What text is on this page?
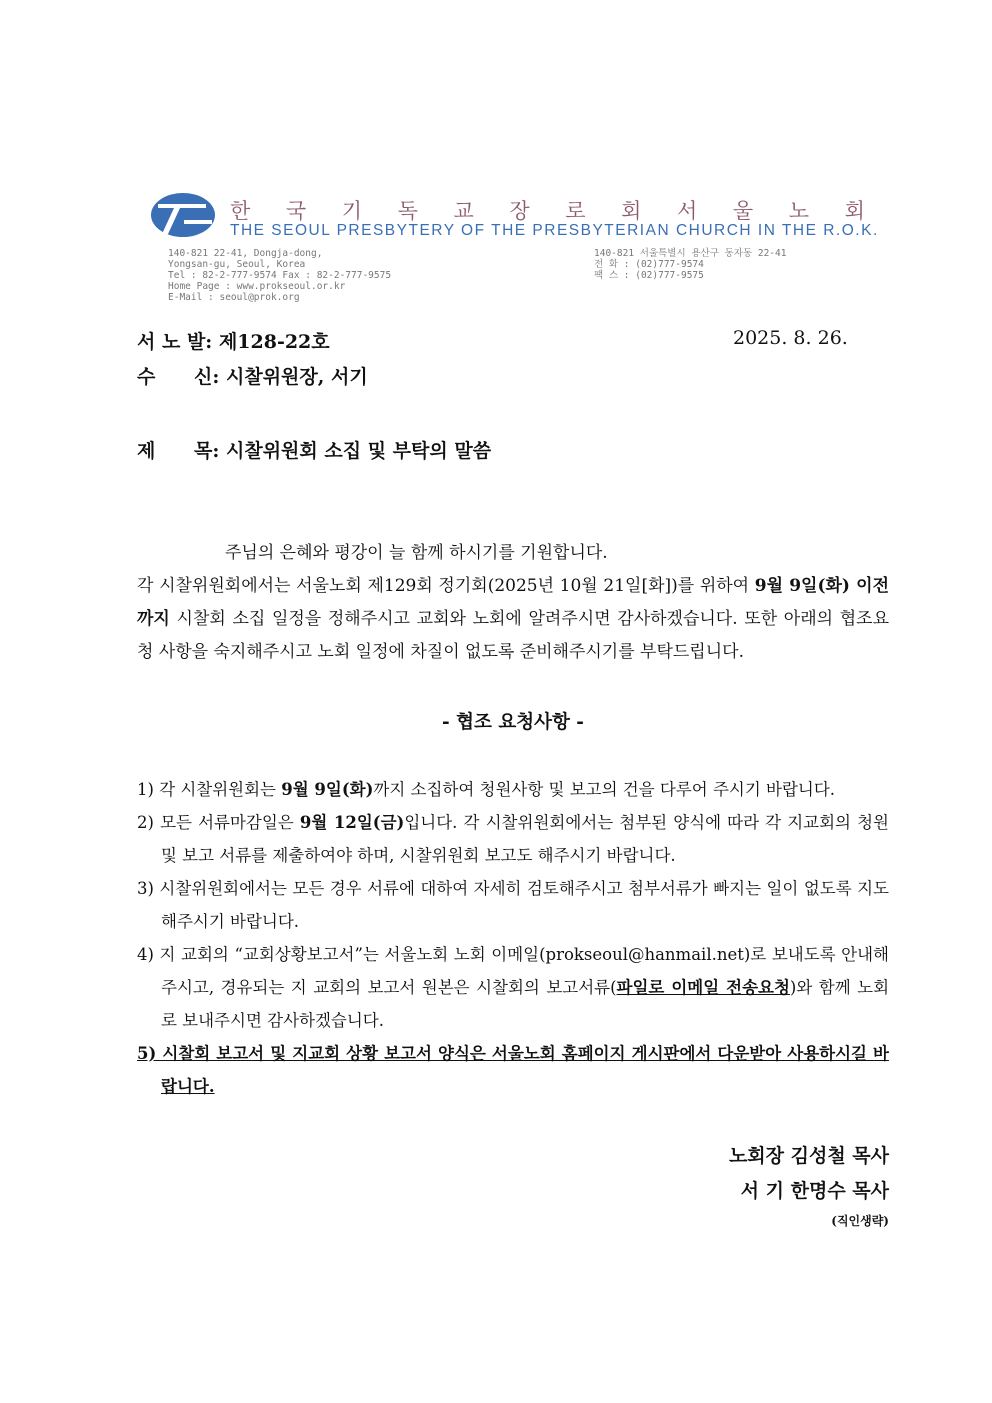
한 국 기 독 교 장 로 회 서 울 노 회
THE SEOUL PRESBYTERY OF THE PRESBYTERIAN CHURCH IN THE R.O.K.
140-821 22-41, Dongja-dong,
Yongsan-gu, Seoul, Korea
Tel : 82-2-777-9574 Fax : 82-2-777-9575
Home Page : www.prokseoul.or.kr
E-Mail : seoul@prok.org
140-821 서울특별시 용산구 동자동 22-41
전 화 : (02)777-9574
팩 스 : (02)777-9575
서 노 발: 제128-22호	2025. 8. 26.
수 신: 시찰위원장, 서기
제 목: 시찰위원회 소집 및 부탁의 말씀
주님의 은혜와 평강이 늘 함께 하시기를 기원합니다.
각 시찰위원회에서는 서울노회 제129회 정기회(2025년 10월 21일[화])를 위하여 9월 9일(화) 이전까지 시찰회 소집 일정을 정해주시고 교회와 노회에 알려주시면 감사하겠습니다. 또한 아래의 협조요청 사항을 숙지해주시고 노회 일정에 차질이 없도록 준비해주시기를 부탁드립니다.
- 협조 요청사항 -
1) 각 시찰위원회는 9월 9일(화)까지 소집하여 청원사항 및 보고의 건을 다루어 주시기 바랍니다.
2) 모든 서류마감일은 9월 12일(금)입니다. 각 시찰위원회에서는 첨부된 양식에 따라 각 지교회의 청원 및 보고 서류를 제출하여야 하며, 시찰위원회 보고도 해주시기 바랍니다.
3) 시찰위원회에서는 모든 경우 서류에 대하여 자세히 검토해주시고 첨부서류가 빠지는 일이 없도록 지도해주시기 바랍니다.
4) 지 교회의 “교회상황보고서”는 서울노회 노회 이메일(prokseoul@hanmail.net)로 보내도록 안내해주시고, 경유되는 지 교회의 보고서 원본은 시찰회의 보고서류(파일로 이메일 전송요청)와 함께 노회로 보내주시면 감사하겠습니다.
5) 시찰회 보고서 및 지교회 상황 보고서 양식은 서울노회 홈페이지 게시판에서 다운받아 사용하시길 바랍니다.
노회장 김성철 목사
서 기 한명수 목사
(직인생략)
